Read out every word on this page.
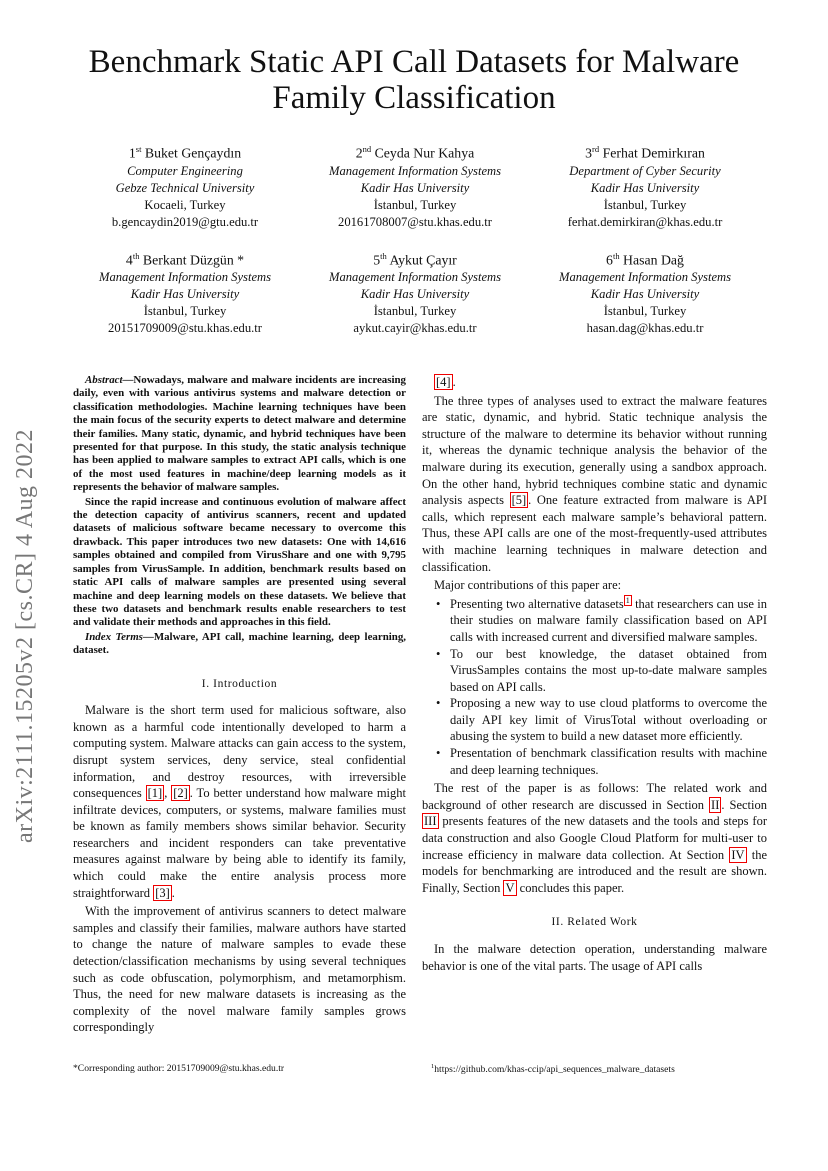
Benchmark Static API Call Datasets for Malware
Family Classification
1st Buket Gençaydın
Computer Engineering
Gebze Technical University
Kocaeli, Turkey
b.gencaydin2019@gtu.edu.tr
2nd Ceyda Nur Kahya
Management Information Systems
Kadir Has University
İstanbul, Turkey
20161708007@stu.khas.edu.tr
3rd Ferhat Demirkıran
Department of Cyber Security
Kadir Has University
İstanbul, Turkey
ferhat.demirkiran@khas.edu.tr
4th Berkant Düzgün *
Management Information Systems
Kadir Has University
İstanbul, Turkey
20151709009@stu.khas.edu.tr
5th Aykut Çayır
Management Information Systems
Kadir Has University
İstanbul, Turkey
aykut.cayir@khas.edu.tr
6th Hasan Dağ
Management Information Systems
Kadir Has University
İstanbul, Turkey
hasan.dag@khas.edu.tr
arXiv:2111.15205v2 [cs.CR] 4 Aug 2022

Abstract—Nowadays, malware and malware incidents are increasing daily, even with various antivirus systems and malware detection or classification methodologies. Machine learning techniques have been the main focus of the security experts to detect malware and determine their families. Many static, dynamic, and hybrid techniques have been presented for that purpose. In this study, the static analysis technique has been applied to malware samples to extract API calls, which is one of the most used features in machine/deep learning models as it represents the behavior of malware samples.

Since the rapid increase and continuous evolution of malware affect the detection capacity of antivirus scanners, recent and updated datasets of malicious software became necessary to overcome this drawback. This paper introduces two new datasets: One with 14,616 samples obtained and compiled from VirusShare and one with 9,795 samples from VirusSample. In addition, benchmark results based on static API calls of malware samples are presented using several machine and deep learning models on these datasets. We believe that these two datasets and benchmark results enable researchers to test and validate their methods and approaches in this field.

Index Terms—Malware, API call, machine learning, deep learning, dataset.

I. Introduction

Malware is the short term used for malicious software, also known as a harmful code intentionally developed to harm a computing system. Malware attacks can gain access to the system, disrupt system services, deny service, steal confidential information, and destroy resources, with irreversible consequences [1] , [2] . To better understand how malware might infiltrate devices, computers, or systems, malware families must be known as family members shows similar behavior. Security researchers and incident responders can take preventative measures against malware by being able to identify its family, which could make the entire analysis process more straightforward [3] .

With the improvement of antivirus scanners to detect malware samples and classify their families, malware authors have started to change the nature of malware samples to evade these detection/classification mechanisms by using several techniques such as code obfuscation, polymorphism, and metamorphism. Thus, the need for new malware datasets is increasing as the complexity of the novel malware family samples grows correspondingly

[4] .

The three types of analyses used to extract the malware features are static, dynamic, and hybrid. Static technique analysis the structure of the malware to determine its behavior without running it, whereas the dynamic technique analysis the behavior of the malware during its execution, generally using a sandbox approach. On the other hand, hybrid techniques combine static and dynamic analysis aspects [5] . One feature extracted from malware is API calls, which represent each malware sample’s behavioral pattern. Thus, these API calls are one of the most-frequently-used attributes with machine learning techniques in malware detection and classification.

Major contributions of this paper are:

• Presenting two alternative datasets $^1$ that researchers can use in their studies on malware family classification based on API calls with increased current and diversified malware samples.
• To our best knowledge, the dataset obtained from VirusSamples contains the most up-to-date malware samples based on API calls.
• Proposing a new way to use cloud platforms to overcome the daily API key limit of VirusTotal without overloading or abusing the system to build a new dataset more efficiently.
• Presentation of benchmark classification results with machine and deep learning techniques.

The rest of the paper is as follows: The related work and background of other research are discussed in Section II . Section III presents features of the new datasets and the tools and steps for data construction and also Google Cloud Platform for multi-user to increase efficiency in malware data collection. At Section IV the models for benchmarking are introduced and the result are shown. Finally, Section V concludes this paper.

II. Related Work

In the malware detection operation, understanding malware behavior is one of the vital parts. The usage of API calls

*Corresponding author: 20151709009@stu.khas.edu.tr	$^1$https://github.com/khas-ccip/api_sequences_malware_datasets
